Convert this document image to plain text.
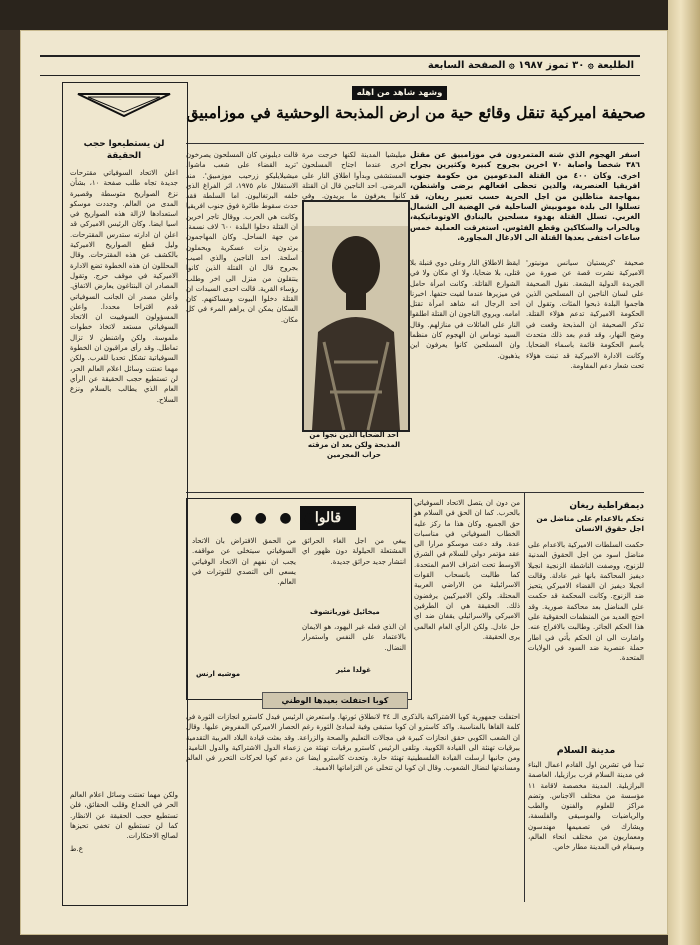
الطليعة ۞ ٣٠ تموز ١٩٨٧ ۞ الصفحة السابعة
وشهد شاهد من اهله
صحيفة اميركية تنقل وقائع حية من ارض المذبحة الوحشية في موزامبيق
اسفر الهجوم الذي شنه المتمردون في موزامبيق عن مقتل ٣٨٦ شخصا واصابة ٧٠ اخرين بجروح كبيرة وكثيرين بجراح اخرى. وكان ٤٠٠ من القتلة المدعومين من حكومة جنوب افريقيا العنصرية، والدين تحظى افعالهم برضى واشنطن، بمهاجمة مناظلين من اجل الحرية حسب تعبير ريغان، قد تسللوا الى بلدة موموبيش الساحلية في الهضبة الى الشمال الغربي. تسلل القتلة بهدوء مسلحين بالبنادق الاوتوماتيكية، وبالحراب والسكاكين وقطع الفئوس. استغرقت العملية خمس ساعات اختفى بعدها القتلة الى الادغال المجاورة.

قالت ديلبوني كان المسلحون يصرخون 'تريد القضاء على شعب ماشوا، ميشيلايليكو زرحيب موزمبيق'. منذ الاستقلال عام ١٩٧٥، اثر الفراغ الذي خلفه البرتغاليون. اما السلطة فقد حدث سقوط طائرة فوق جنوب افريقيا وكانت هي الحرب. ووقال تاجر اخرين ان القتلة دخلوا البلدة ٦٠٠ لاف نسمة، من جهة الساحل. وكان المهاجمون يرتدون بزات عسكرية ويحملون اسلحة. احد الناجين والذي اصيب بجروح قال ان القتلة الذين كانوا ينتقلون من منزل الى اخر وطلب رؤساء القرية. قالت احدى السيدات ان القتلة دخلوا البيوت ومساكنهم. كان السكان يمكن ان يراهم المرء في كل مكان.

ميليشيا المدينة لكنها خرجت مرة اخرى عندما اجتاح المسلحون المستشفى وبدأوا اطلاق النار على المرضى. احد الناجين قال ان القتلة كانوا يعرفون ما يريدون. وفي

ايقظ الاطلاق النار وعلى دوي قنبلة بلا قتلى، بلا ضحايا، ولا اي مكان ولا في الشوارع القاتلة. وكانت امرأة حامل في ميزيرها عندما لقيت حتفها. اخبرنا احد الرجال انه شاهد امرأة تقتل امامه. ويروي الناجون ان القتلة اطلقوا النار على العائلات في منازلهم. وقال السيد توماس ان الهجوم كان منظما وان المسلحين كانوا يعرفون اين يذهبون.

صحيفة 'كريستيان سيانس مونيتور' الاميركية نشرت قصة عن صورة من الجريدة الدولية البشعة. نقول الصحيفة على لسان الناجين ان المسلحين الذين هاجموا البلدة ذبحوا المئات. وتقول ان الحكومة الاميركية تدعم هؤلاء القتلة. تذكر الصحيفة ان المذبحة وقعت في وضح النهار، وقد قدم بعد ذلك متحدث باسم الحكومة قائمة باسماء الضحايا. وكانت الادارة الاميركية قد تبنت هؤلاء تحت شعار دعم المقاومة.

احد الضحايا الذين نجوا من المذبحة ولكن بعد ان مزقته حراب المجرمين
لن يستطيعوا حجب الحقيقة

اعلن الاتحاد السوفياتي مقترحات جديدة تجاه طلب صفحة ١٠، بشأن نزع الصواريخ متوسطة وقصيرة المدى من العالم. وجددت موسكو استعدادها لازالة هذه الصواريخ في اسيا ايضا. وكان الرئيس الاميركي قد اعلن ان ادارته ستدرس المقترحات. وليل قطع الصواريخ الاميركية بالكشف عن هذه المقترحات. وقال المحللون ان هذه الخطوة تضع الادارة الاميركية في موقف حرج. وتقول المصادر ان البنتاغون يعارض الاتفاق. وأعلن مصدر ان الجانب السوفياتي قدم اقتراحا محددا. واعلن المسؤولون السوفييت ان الاتحاد السوفياتي مستعد لاتخاذ خطوات ملموسة. ولكن واشنطن لا تزال تماطل. وقد رأى مراقبون ان الخطوة السوفياتية تشكل تحديا للغرب. ولكن مهما تعنتت وسائل اعلام العالم الحر، لن تستطيع حجب الحقيقة عن الرأي العام الذي يطالب بالسلام ونزع السلاح.

ولكن مهما تعنتت وسائل اعلام العالم الحر في الخداع وقلب الحقائق، فلن تستطيع حجب الحقيقة عن الانظار. كما لن تستطيع ان تخفي تحيزها لصالح الاحتكارات.

ع.ط

قالوا
● ● ● ●

من الحمق الافتراض بان الاتحاد السوفياتي سيتخلى عن مواقفه. يجب ان نفهم ان الاتحاد الوفياتي يسعى الى التصدي للتوترات في العالم.

موشيه ارنس

يبغي من اجل الغاء الحرائق المشتعلة الحيلولة دون ظهور اي انتشار جديد حرائق جديدة.

ميخائيل غورباتشوف

ان الذي فعله غير اليهود، هو الايمان بالاعتماد على النفس واستمرار النضال.

غولدا مئير

من دون ان يتصل الاتحاد السوفياتي بالحرب. كما ان الحق في السلام هو حق الجميع. وكان هذا ما ركز عليه الخطاب السوفياتي في مناسبات عدة. وقد دعت موسكو مرارا الى عقد مؤتمر دولي للسلام في الشرق الاوسط تحت اشراف الامم المتحدة. كما طالبت بانسحاب القوات الاسرائيلية من الاراضي العربية المحتلة. ولكن الاميركيين يرفضون ذلك. الحقيقة هي ان الطرفين الاميركي والاسرائيلي يقفان ضد اي حل عادل. ولكن الرأي العام العالمي يرى الحقيقة.

كوبا احتفلت بعيدها الوطني

احتفلت جمهورية كوبا الاشتراكية بالذكرى الـ ٣٤ لانطلاق ثورتها. واستعرض الرئيس فيدل كاسترو انجازات الثورة في كلمة القاها بالمناسبة. واكد كاسترو ان كوبا ستبقى وفية لمبادئ الثورة رغم الحصار الاميركي المفروض عليها. وقال ان الشعب الكوبي حقق انجازات كبيرة في مجالات التعليم والصحة والزراعة. وقد بعثت قيادة البلاد العربية التقدمية ببرقيات تهنئة الى القيادة الكوبية. وتلقى الرئيس كاسترو برقيات تهنئة من زعماء الدول الاشتراكية والدول النامية. ومن جانبها ارسلت القيادة الفلسطينية تهنئة حارة. وتحدث كاسترو ايضا عن دعم كوبا لحركات التحرر في العالم ومساندتها لنضال الشعوب. وقال ان كوبا لن تتخلى عن التزاماتها الاممية.

ديمقراطية ريغان
تحكم بالاعدام على مناضل من اجل حقوق الانسان

حكمت السلطات الاميركية بالاعدام على مناضل اسود من اجل الحقوق المدنية للزنوج، ووصفت الناشطة الزنجية انجيلا ديفيز المحاكمة بانها غير عادلة. وقالت انجيلا ديفيز ان القضاء الاميركي يتحيز ضد الزنوج. وكانت المحكمة قد حكمت على المناضل بعد محاكمة صورية. وقد احتج العديد من المنظمات الحقوقية على هذا الحكم الجائر. وطالبت بالافراج عنه. واشارت الى ان الحكم يأتي في اطار حملة عنصرية ضد السود في الولايات المتحدة.

مدينة السلام

تبدأ في تشرين اول القادم اعمال البناء في مدينة السلام قرب برازيليا، العاصمة البرازيلية. المدينة مخصصة لاقامة ١١ مؤسسة من مختلف الاجناس. وتضم مراكز للعلوم والفنون والطب والرياضيات والموسيقى والفلسفة، ويشارك في تصميمها مهندسون ومعماريون من مختلف انحاء العالم، وسيقام في المدينة مطار خاص.
